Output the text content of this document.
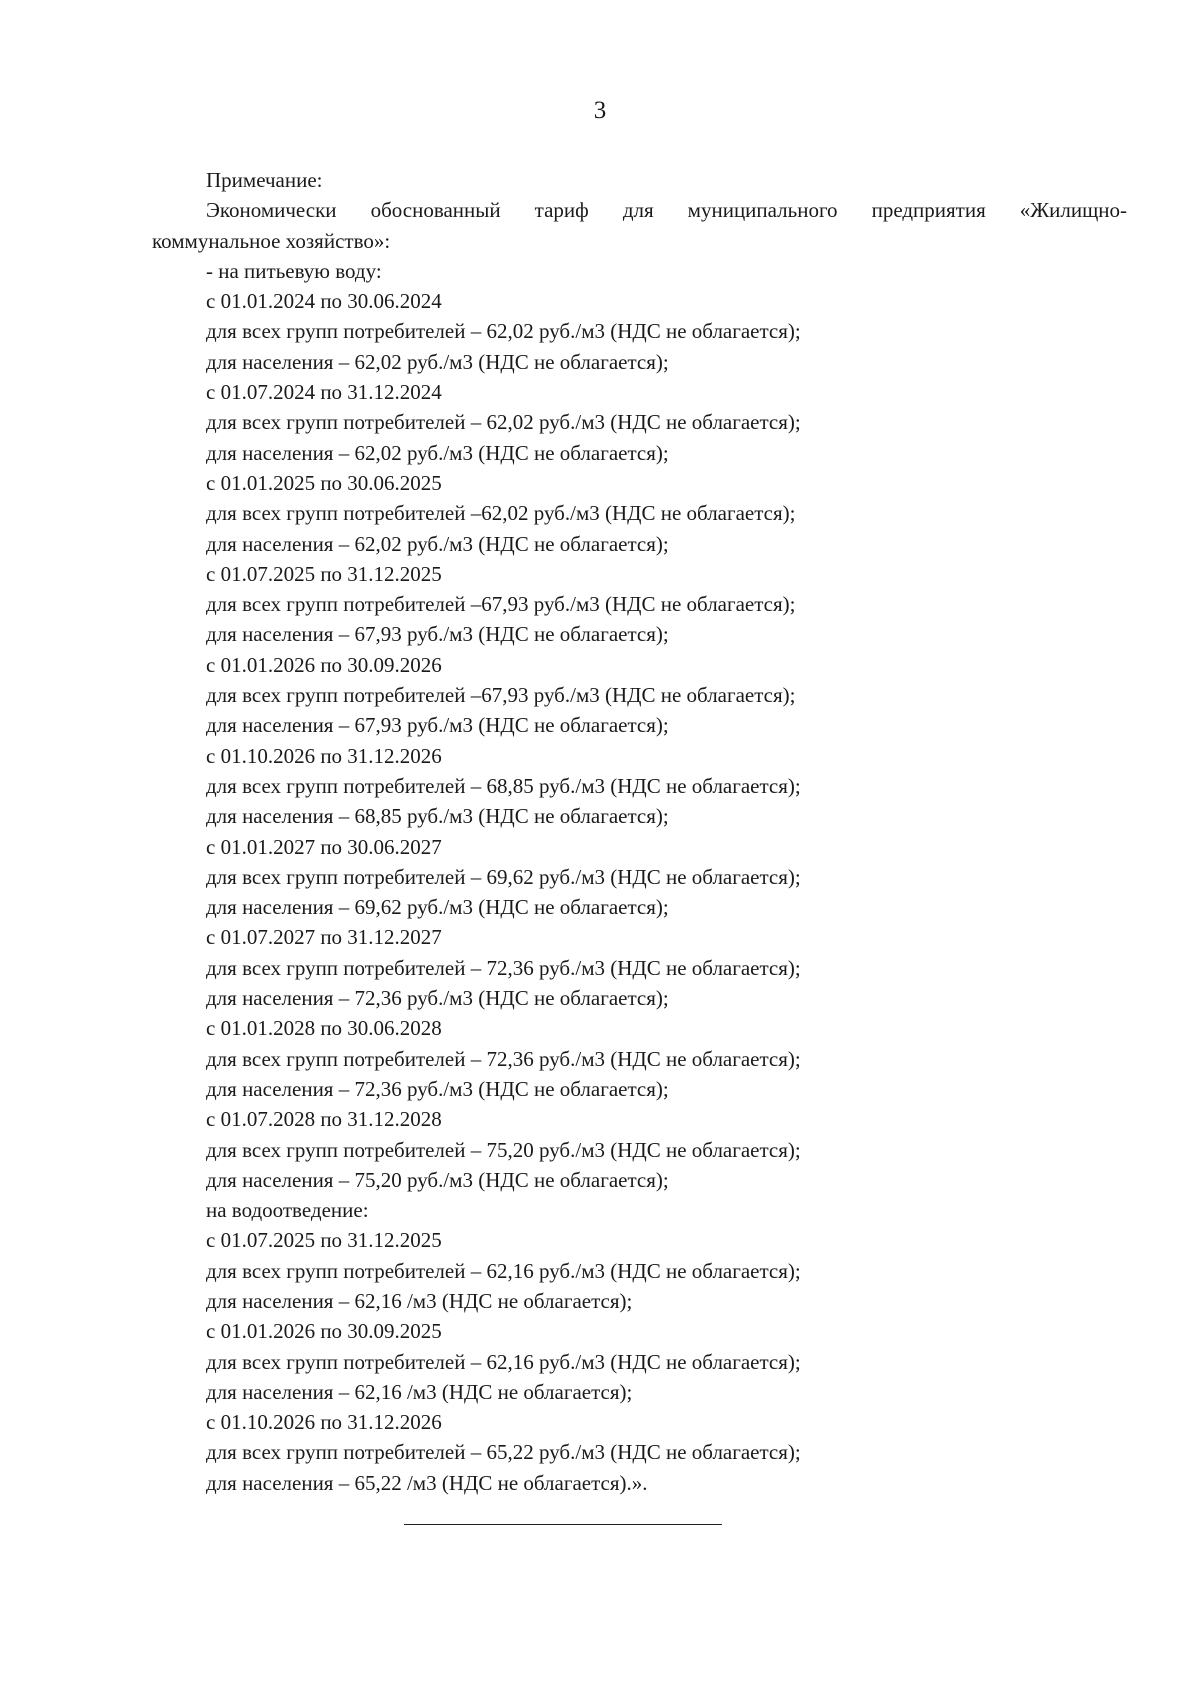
3
Примечание:
Экономически обоснованный тариф для муниципального предприятия «Жилищно-
коммунальное хозяйство»:
- на питьевую воду:
с 01.01.2024 по 30.06.2024
для всех групп потребителей – 62,02 руб./м3 (НДС не облагается);
для населения – 62,02 руб./м3 (НДС не облагается);
с 01.07.2024 по 31.12.2024
для всех групп потребителей – 62,02 руб./м3 (НДС не облагается);
для населения – 62,02 руб./м3 (НДС не облагается);
с 01.01.2025 по 30.06.2025
для всех групп потребителей –62,02 руб./м3 (НДС не облагается);
для населения – 62,02 руб./м3 (НДС не облагается);
с 01.07.2025 по 31.12.2025
для всех групп потребителей –67,93 руб./м3 (НДС не облагается);
для населения – 67,93 руб./м3 (НДС не облагается);
с 01.01.2026 по 30.09.2026
для всех групп потребителей –67,93 руб./м3 (НДС не облагается);
для населения – 67,93 руб./м3 (НДС не облагается);
с 01.10.2026 по 31.12.2026
для всех групп потребителей – 68,85 руб./м3 (НДС не облагается);
для населения – 68,85 руб./м3 (НДС не облагается);
с 01.01.2027 по 30.06.2027
для всех групп потребителей – 69,62 руб./м3 (НДС не облагается);
для населения – 69,62 руб./м3 (НДС не облагается);
с 01.07.2027 по 31.12.2027
для всех групп потребителей – 72,36 руб./м3 (НДС не облагается);
для населения – 72,36 руб./м3 (НДС не облагается);
с 01.01.2028 по 30.06.2028
для всех групп потребителей – 72,36 руб./м3 (НДС не облагается);
для населения – 72,36 руб./м3 (НДС не облагается);
с 01.07.2028 по 31.12.2028
для всех групп потребителей – 75,20 руб./м3 (НДС не облагается);
для населения – 75,20 руб./м3 (НДС не облагается);
на водоотведение:
с 01.07.2025 по 31.12.2025
для всех групп потребителей – 62,16 руб./м3 (НДС не облагается);
для населения – 62,16 /м3 (НДС не облагается);
с 01.01.2026 по 30.09.2025
для всех групп потребителей – 62,16 руб./м3 (НДС не облагается);
для населения – 62,16 /м3 (НДС не облагается);
с 01.10.2026 по 31.12.2026
для всех групп потребителей – 65,22 руб./м3 (НДС не облагается);
для населения – 65,22 /м3 (НДС не облагается).».
